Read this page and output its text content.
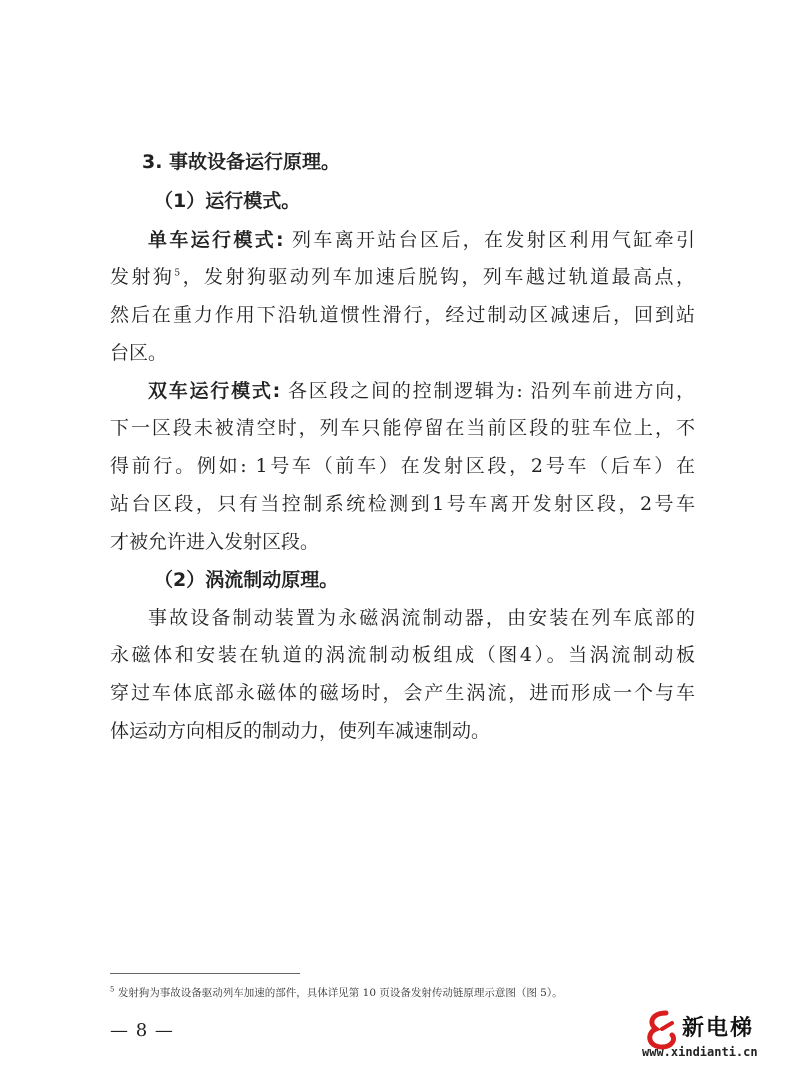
3. 事故设备运行原理。
（1）运行模式。
单车运行模式: 列车离开站台区后，在发射区利用气缸牵引
发射狗$^5$，发射狗驱动列车加速后脱钩，列车越过轨道最高点，
然后在重力作用下沿轨道惯性滑行，经过制动区减速后，回到站
台区。
双车运行模式: 各区段之间的控制逻辑为: 沿列车前进方向，
下一区段未被清空时，列车只能停留在当前区段的驻车位上，不
得前行。例如: 1号车（前车）在发射区段，2号车（后车）在
站台区段，只有当控制系统检测到1号车离开发射区段，2号车
才被允许进入发射区段。
（2）涡流制动原理。
事故设备制动装置为永磁涡流制动器，由安装在列车底部的
永磁体和安装在轨道的涡流制动板组成（图4）。当涡流制动板
穿过车体底部永磁体的磁场时，会产生涡流，进而形成一个与车
体运动方向相反的制动力，使列车减速制动。
$^5$ 发射狗为事故设备驱动列车加速的部件，具体详见第 10 页设备发射传动链原理示意图（图 5）。
— 8 —	新电梯
www.xindianti.cn
